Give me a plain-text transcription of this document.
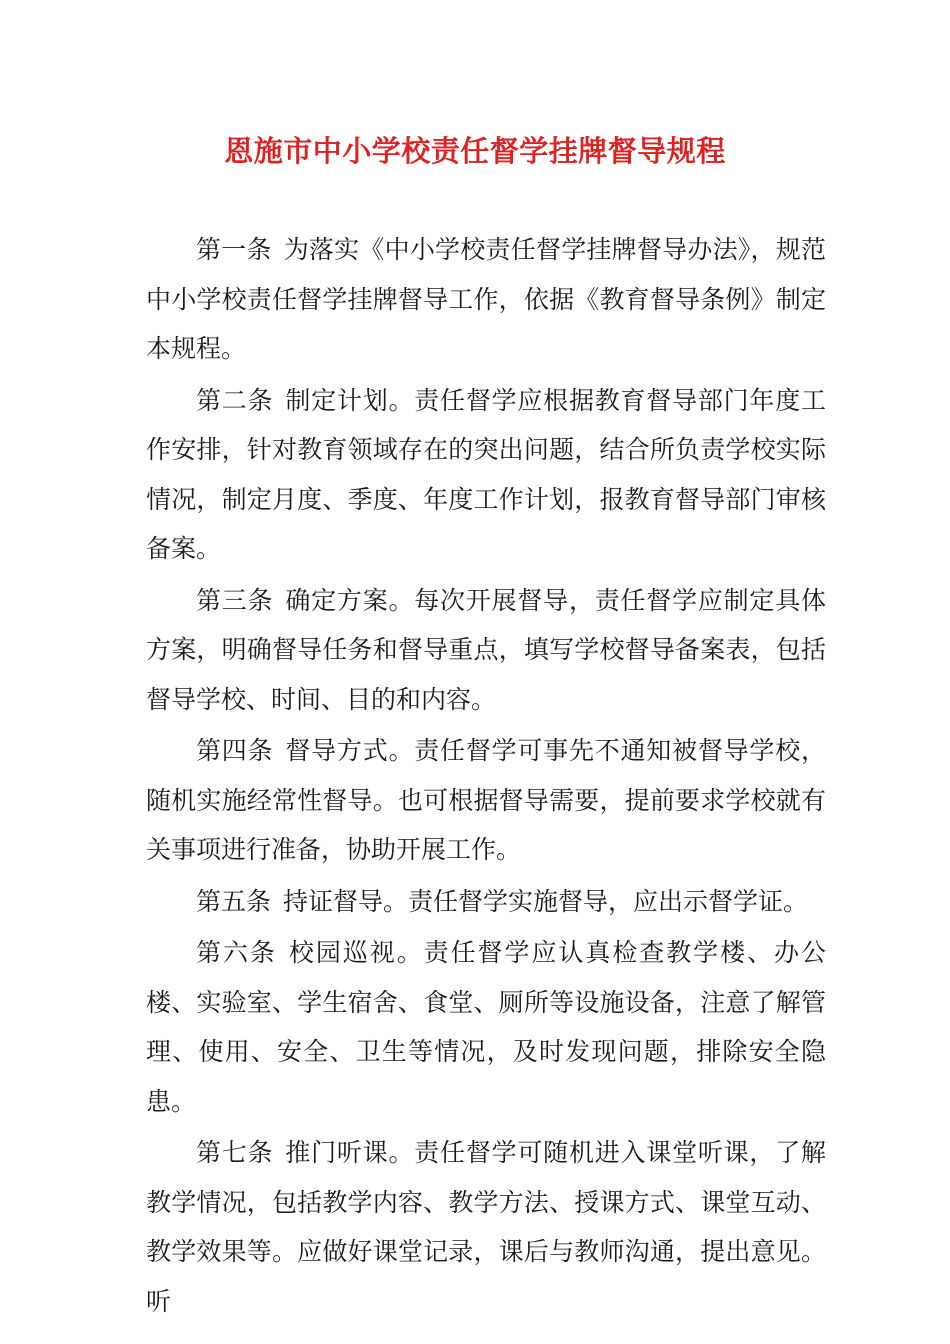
恩施市中小学校责任督学挂牌督导规程

第一条 为落实《中小学校责任督学挂牌督导办法》，规范中小学校责任督学挂牌督导工作，依据《教育督导条例》制定本规程。

第二条 制定计划。责任督学应根据教育督导部门年度工作安排，针对教育领域存在的突出问题，结合所负责学校实际情况，制定月度、季度、年度工作计划，报教育督导部门审核备案。

第三条 确定方案。每次开展督导，责任督学应制定具体方案，明确督导任务和督导重点，填写学校督导备案表，包括督导学校、时间、目的和内容。

第四条 督导方式。责任督学可事先不通知被督导学校，随机实施经常性督导。也可根据督导需要，提前要求学校就有关事项进行准备，协助开展工作。

第五条 持证督导。责任督学实施督导，应出示督学证。

第六条 校园巡视。责任督学应认真检查教学楼、办公楼、实验室、学生宿舍、食堂、厕所等设施设备，注意了解管理、使用、安全、卫生等情况，及时发现问题，排除安全隐患。

第七条 推门听课。责任督学可随机进入课堂听课，了解教学情况，包括教学内容、教学方法、授课方式、课堂互动、教学效果等。应做好课堂记录，课后与教师沟通，提出意见。听
